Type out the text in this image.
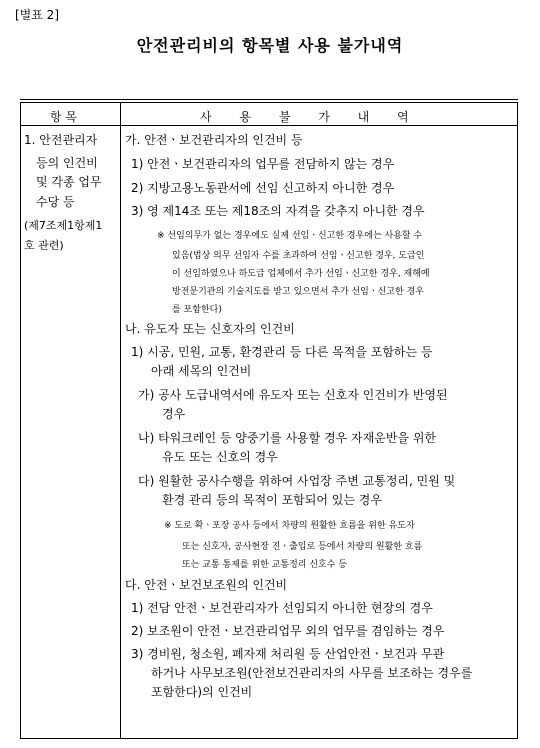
[별표 2]
안전관리비의 항목별 사용 불가내역
항 목	사 용 불 가 내 역
1. 안전관리자
등의 인건비
및 각종 업무
수당 등
(제7조제1항제1
호 관련)
가. 안전ㆍ보건관리자의 인건비 등
1) 안전ㆍ보건관리자의 업무를 전담하지 않는 경우
2) 지방고용노동관서에 선임 신고하지 아니한 경우
3) 영 제14조 또는 제18조의 자격을 갖추지 아니한 경우
※ 선임의무가 없는 경우에도 실제 선임ㆍ신고한 경우에는 사용할 수
있음(법상 의무 선임자 수를 초과하여 선임ㆍ신고한 경우, 도급인
이 선임하였으나 하도급 업체에서 추가 선임ㆍ신고한 경우, 재해예
방전문기관의 기술지도를 받고 있으면서 추가 선임ㆍ신고한 경우
를 포함한다)
나. 유도자 또는 신호자의 인건비
1) 시공, 민원, 교통, 환경관리 등 다른 목적을 포함하는 등
아래 세목의 인건비
가) 공사 도급내역서에 유도자 또는 신호자 인건비가 반영된
경우
나) 타워크레인 등 양중기를 사용할 경우 자재운반을 위한
유도 또는 신호의 경우
다) 원활한 공사수행을 위하여 사업장 주변 교통정리, 민원 및
환경 관리 등의 목적이 포함되어 있는 경우
※ 도로 확ㆍ포장 공사 등에서 차량의 원활한 흐름을 위한 유도자
또는 신호자, 공사현장 진ㆍ출입로 등에서 차량의 원활한 흐름
또는 교통 통제를 위한 교통정리 신호수 등
다. 안전ㆍ보건보조원의 인건비
1) 전담 안전ㆍ보건관리자가 선임되지 아니한 현장의 경우
2) 보조원이 안전ㆍ보건관리업무 외의 업무를 겸임하는 경우
3) 경비원, 청소원, 폐자재 처리원 등 산업안전ㆍ보건과 무관
하거나 사무보조원(안전보건관리자의 사무를 보조하는 경우를
포함한다)의 인건비
